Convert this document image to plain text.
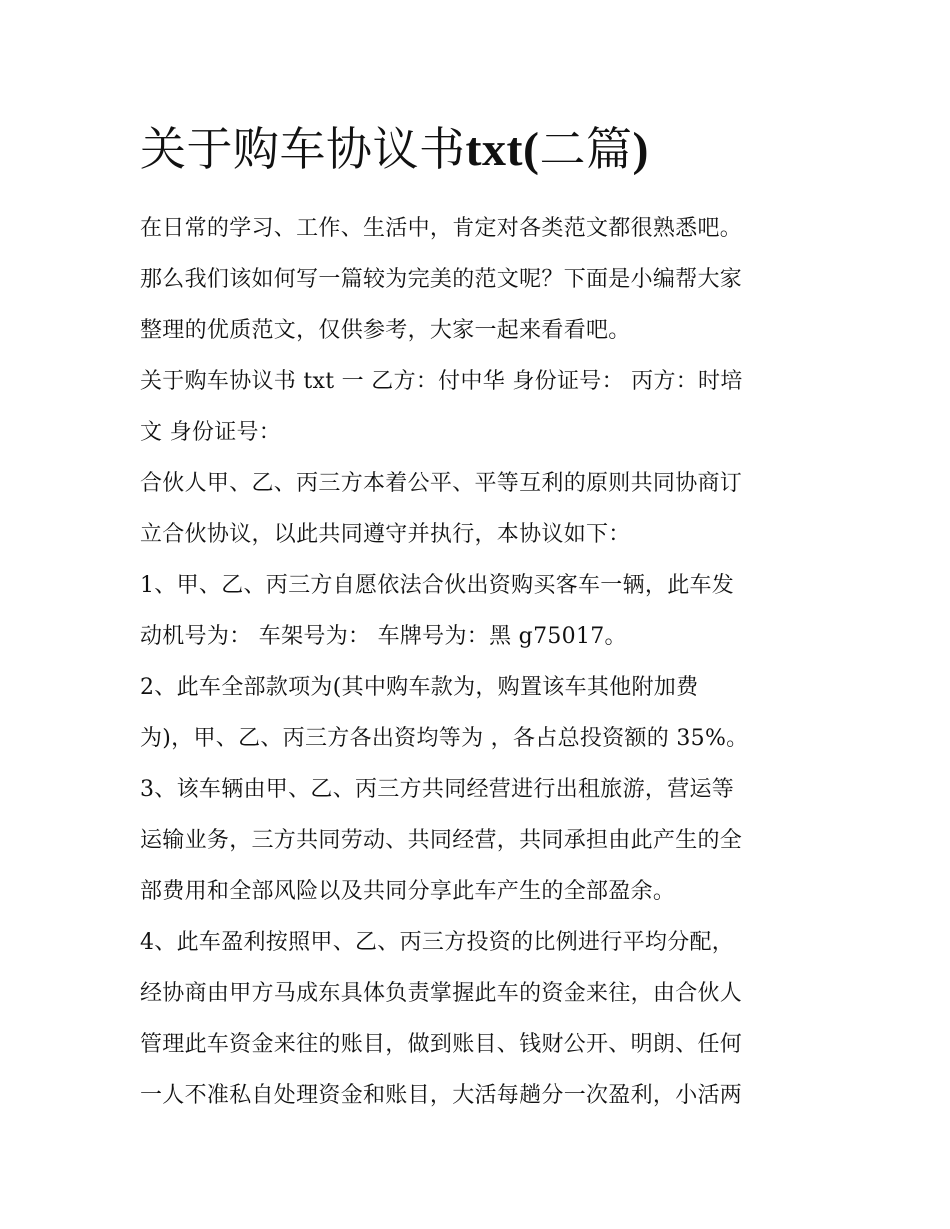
关于购车协议书txt(二篇)

在日常的学习、工作、生活中，肯定对各类范文都很熟悉吧。
那么我们该如何写一篇较为完美的范文呢？下面是小编帮大家
整理的优质范文，仅供参考，大家一起来看看吧。

关于购车协议书 txt 一 乙方：付中华 身份证号： 丙方：时培
文 身份证号：

合伙人甲、乙、丙三方本着公平、平等互利的原则共同协商订
立合伙协议，以此共同遵守并执行，本协议如下：

1、甲、乙、丙三方自愿依法合伙出资购买客车一辆，此车发
动机号为： 车架号为： 车牌号为：黑 g75017。

2、此车全部款项为(其中购车款为，购置该车其他附加费
为)，甲、乙、丙三方各出资均等为 ，各占总投资额的 35%。

3、该车辆由甲、乙、丙三方共同经营进行出租旅游，营运等
运输业务，三方共同劳动、共同经营，共同承担由此产生的全
部费用和全部风险以及共同分享此车产生的全部盈余。

4、此车盈利按照甲、乙、丙三方投资的比例进行平均分配，
经协商由甲方马成东具体负责掌握此车的资金来往，由合伙人
管理此车资金来往的账目，做到账目、钱财公开、明朗、任何
一人不准私自处理资金和账目，大活每趟分一次盈利，小活两
